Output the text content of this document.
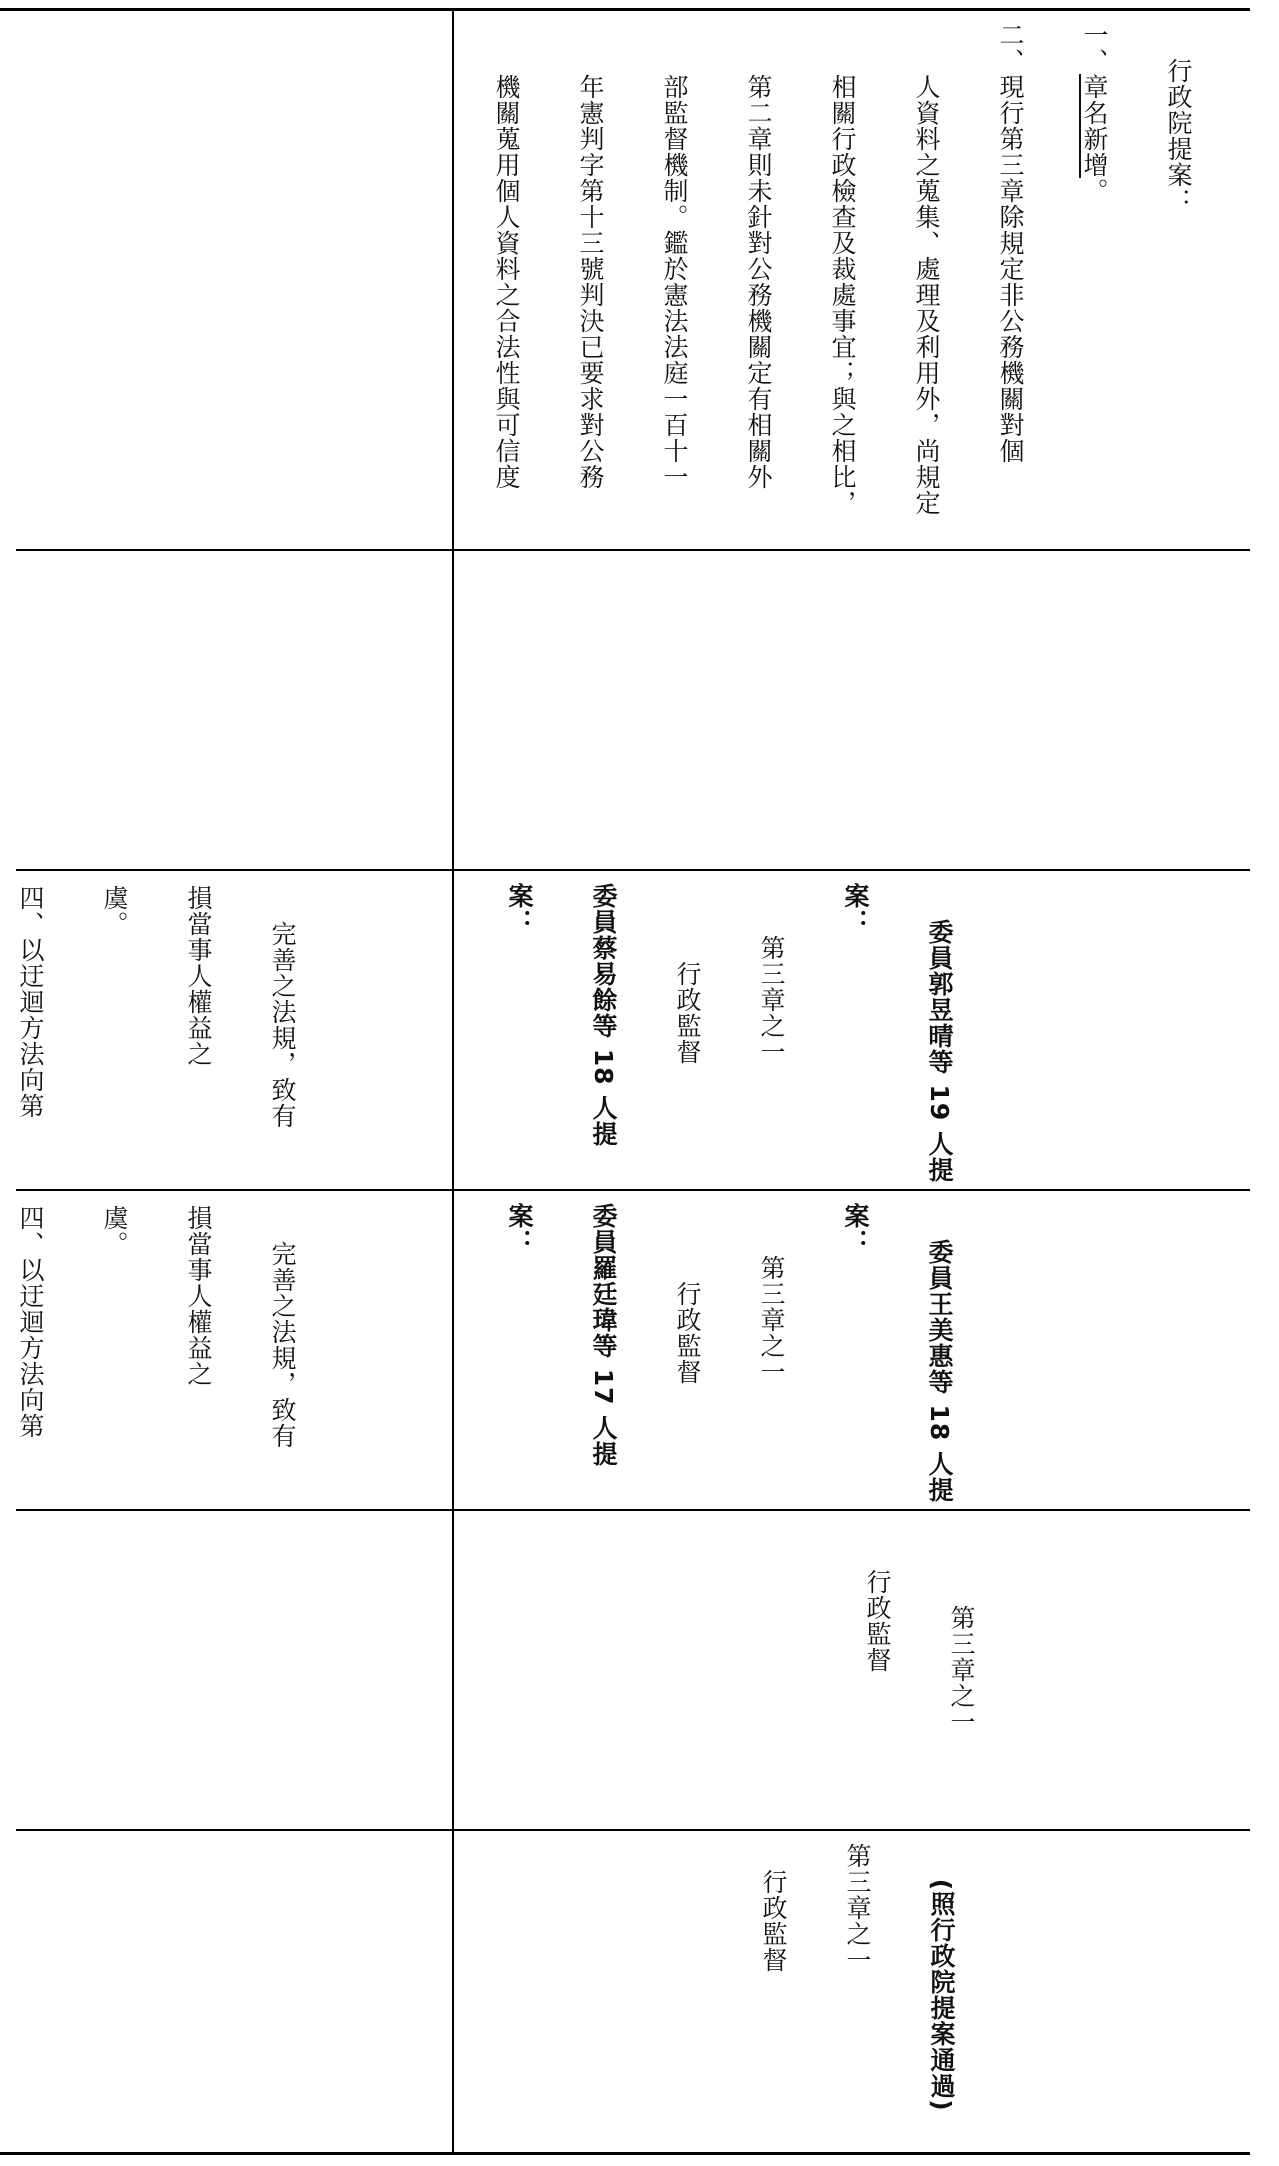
行政院提案：

一、章名新增。

二、現行第三章除規定非公務機關對個

　　人資料之蒐集、處理及利用外，尚規定

　　相關行政檢查及裁處事宜；與之相比，

　　第二章則未針對公務機關定有相關外

　　部監督機制。鑑於憲法法庭一百十一

　　年憲判字第十三號判決已要求對公務

　　機關蒐用個人資料之合法性與可信度

完善之法規，致有

損當事人權益之

虞。

四、以迂迴方法向第

完善之法規，致有

損當事人權益之

虞。

四、以迂迴方法向第

委員郭昱晴等 19 人提

案：

　　第三章之一

　　　行政監督

委員蔡易餘等 18 人提

案：

委員王美惠等 18 人提

案：

　　第三章之一

　　　行政監督

委員羅廷瑋等 17 人提

案：

第三章之一

行政監督

(照行政院提案通過)

第三章之一

　行政監督
